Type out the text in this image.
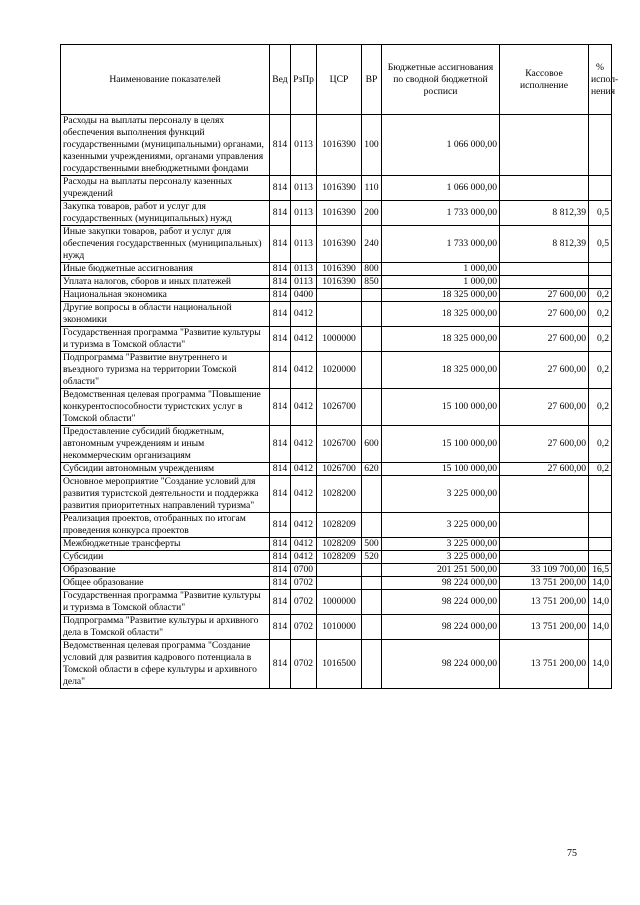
Наименование показателей	Вед	РзПр	ЦСР	ВР	Бюджетные ассигнования по сводной бюджетной росписи	Кассовое исполнение	% испол-нения
Расходы на выплаты персоналу в целях обеспечения выполнения функций государственными (муниципальными) органами, казенными учреждениями, органами управления государственными внебюджетными фондами	814	0113	1016390	100	1 066 000,00		
Расходы на выплаты персоналу казенных учреждений	814	0113	1016390	110	1 066 000,00		
Закупка товаров, работ и услуг для государственных (муниципальных) нужд	814	0113	1016390	200	1 733 000,00	8 812,39	0,5
Иные закупки товаров, работ и услуг для обеспечения государственных (муниципальных) нужд	814	0113	1016390	240	1 733 000,00	8 812,39	0,5
Иные бюджетные ассигнования	814	0113	1016390	800	1 000,00		
Уплата налогов, сборов и иных платежей	814	0113	1016390	850	1 000,00		
Национальная экономика	814	0400			18 325 000,00	27 600,00	0,2
Другие вопросы в области национальной экономики	814	0412			18 325 000,00	27 600,00	0,2
Государственная программа "Развитие культуры и туризма в Томской области"	814	0412	1000000		18 325 000,00	27 600,00	0,2
Подпрограмма "Развитие внутреннего и въездного туризма на территории Томской области"	814	0412	1020000		18 325 000,00	27 600,00	0,2
Ведомственная целевая программа "Повышение конкурентоспособности туристских услуг в Томской области"	814	0412	1026700		15 100 000,00	27 600,00	0,2
Предоставление субсидий бюджетным, автономным учреждениям и иным некоммерческим организациям	814	0412	1026700	600	15 100 000,00	27 600,00	0,2
Субсидии автономным учреждениям	814	0412	1026700	620	15 100 000,00	27 600,00	0,2
Основное мероприятие "Создание условий для развития туристской деятельности и поддержка развития приоритетных направлений туризма"	814	0412	1028200		3 225 000,00		
Реализация проектов, отобранных по итогам проведения конкурса проектов	814	0412	1028209		3 225 000,00		
Межбюджетные трансферты	814	0412	1028209	500	3 225 000,00		
Субсидии	814	0412	1028209	520	3 225 000,00		
Образование	814	0700			201 251 500,00	33 109 700,00	16,5
Общее образование	814	0702			98 224 000,00	13 751 200,00	14,0
Государственная программа "Развитие культуры и туризма в Томской области"	814	0702	1000000		98 224 000,00	13 751 200,00	14,0
Подпрограмма "Развитие культуры и архивного дела в Томской области"	814	0702	1010000		98 224 000,00	13 751 200,00	14,0
Ведомственная целевая программа "Создание условий для развития кадрового потенциала в Томской области в сфере культуры и архивного дела"	814	0702	1016500		98 224 000,00	13 751 200,00	14,0
75
